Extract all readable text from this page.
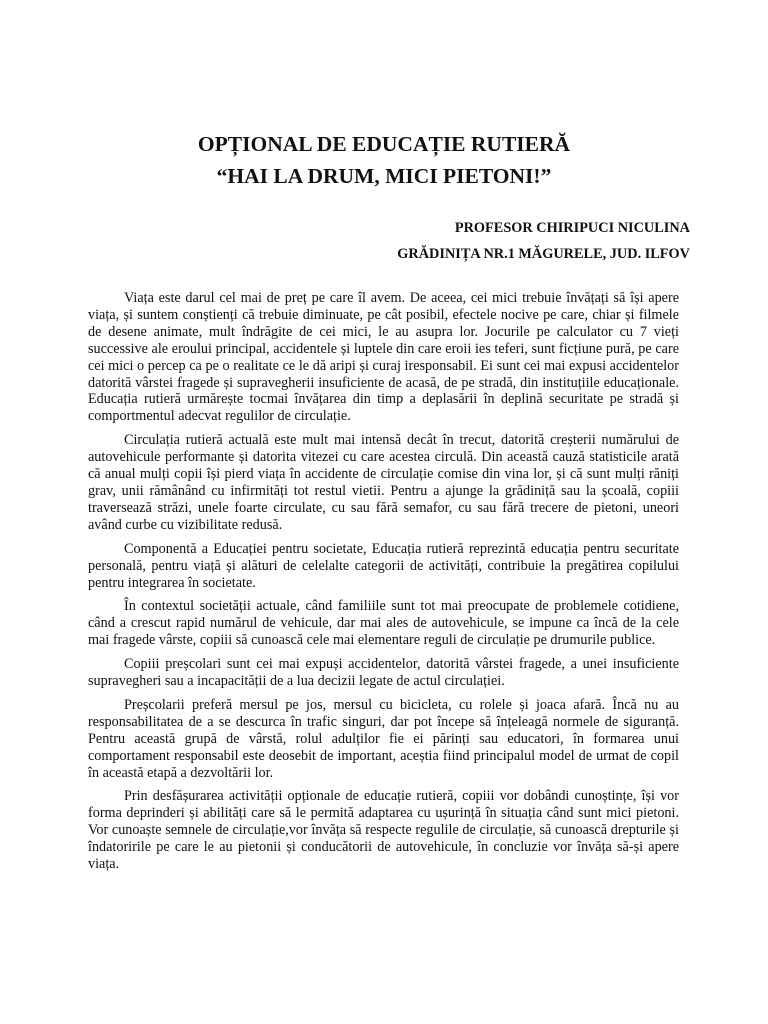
OPȚIONAL DE EDUCAȚIE RUTIERĂ
“HAI LA DRUM, MICI PIETONI!”

PROFESOR CHIRIPUCI NICULINA

GRĂDINIȚA NR.1 MĂGURELE, JUD. ILFOV

Viața este darul cel mai de preț pe care îl avem. De aceea, cei mici trebuie învățați să își apere viața, și suntem conștienți că trebuie diminuate, pe cât posibil, efectele nocive pe care, chiar și filmele de desene animate, mult îndrăgite de cei mici, le au asupra lor. Jocurile pe calculator cu 7 vieți successive ale eroului principal, accidentele și luptele din care eroii ies teferi, sunt ficțiune pură, pe care cei mici o percep ca pe o realitate ce le dă aripi și curaj iresponsabil. Ei sunt cei mai expusi accidentelor datorită vârstei fragede și supravegherii insuficiente de acasă, de pe stradă, din instituțiile educaționale. Educația rutieră urmărește tocmai învățarea din timp a deplasării în deplină securitate pe stradă și comportmentul adecvat regulilor de circulație.

Circulația rutieră actuală este mult mai intensă decât în trecut, datorită creșterii numărului de autovehicule performante și datorita vitezei cu care acestea circulă. Din această cauză statisticile arată că anual mulți copii își pierd viața în accidente de circulație comise din vina lor, și că sunt mulți răniți grav, unii rămânând cu infirmități tot restul vietii. Pentru a ajunge la grădiniță sau la școală, copiii traversează străzi, unele foarte circulate, cu sau fără semafor, cu sau fără trecere de pietoni, uneori având curbe cu vizibilitate redusă.

Componentă a Educației pentru societate, Educația rutieră reprezintă educația pentru securitate personală, pentru viață și alături de celelalte categorii de activități, contribuie la pregătirea copilului pentru integrarea în societate.

În contextul societății actuale, când familiile sunt tot mai preocupate de problemele cotidiene, când a crescut rapid numărul de vehicule, dar mai ales de autovehicule, se impune ca încă de la cele mai fragede vârste, copiii să cunoască cele mai elementare reguli de circulație pe drumurile publice.

Copiii preșcolari sunt cei mai expuși accidentelor, datorită vârstei fragede, a unei insuficiente supravegheri sau a incapacității de a lua decizii legate de actul circulației.

Preșcolarii preferă mersul pe jos, mersul cu bicicleta, cu rolele și joaca afară. Încă nu au responsabilitatea de a se descurca în trafic singuri, dar pot începe să înțeleagă normele de siguranță. Pentru această grupă de vârstă, rolul adulților fie ei părinți sau educatori, în formarea unui comportament responsabil este deosebit de important, aceștia fiind principalul model de urmat de copil în această etapă a dezvoltării lor.

Prin desfășurarea activității opționale de educație rutieră, copiii vor dobândi cunoștințe, își vor forma deprinderi și abilități care să le permită adaptarea cu ușurință în situația când sunt mici pietoni. Vor cunoaște semnele de circulație,vor învăța să respecte regulile de circulație, să cunoască drepturile și îndatoririle pe care le au pietonii și conducătorii de autovehicule, în concluzie vor învăța să-și apere viața.
